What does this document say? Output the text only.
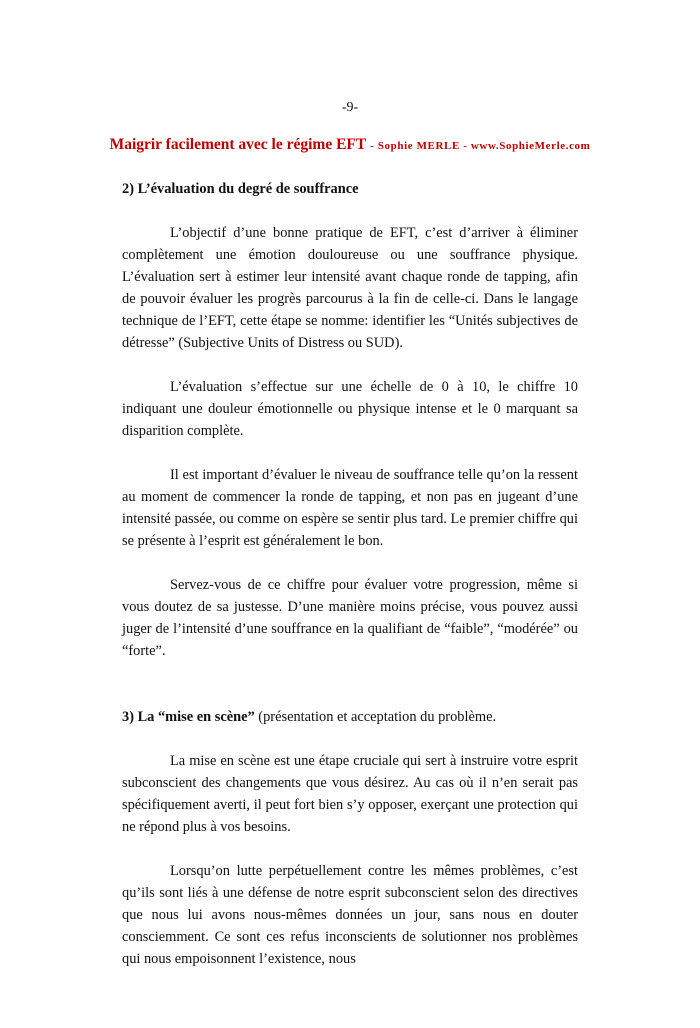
-9-
Maigrir facilement avec le régime EFT - Sophie MERLE - www.SophieMerle.com
2) L’évaluation du degré de souffrance

L’objectif d’une bonne pratique de EFT, c’est d’arriver à éliminer complètement une émotion douloureuse ou une souffrance physique. L’évaluation sert à estimer leur intensité avant chaque ronde de tapping, afin de pouvoir évaluer les progrès parcourus à la fin de celle-ci. Dans le langage technique de l’EFT, cette étape se nomme: identifier les “Unités subjectives de détresse” (Subjective Units of Distress ou SUD).

L’évaluation s’effectue sur une échelle de 0 à 10, le chiffre 10 indiquant une douleur émotionnelle ou physique intense et le 0 marquant sa disparition complète.

Il est important d’évaluer le niveau de souffrance telle qu’on la ressent au moment de commencer la ronde de tapping, et non pas en jugeant d’une intensité passée, ou comme on espère se sentir plus tard. Le premier chiffre qui se présente à l’esprit est généralement le bon.

Servez-vous de ce chiffre pour évaluer votre progression, même si vous doutez de sa justesse. D’une manière moins précise, vous pouvez aussi juger de l’intensité d’une souffrance en la qualifiant de “faible”, “modérée” ou “forte”.

3) La “mise en scène” (présentation et acceptation du problème.

La mise en scène est une étape cruciale qui sert à instruire votre esprit subconscient des changements que vous désirez. Au cas où il n’en serait pas spécifiquement averti, il peut fort bien s’y opposer, exerçant une protection qui ne répond plus à vos besoins.

Lorsqu’on lutte perpétuellement contre les mêmes problèmes, c’est qu’ils sont liés à une défense de notre esprit subconscient selon des directives que nous lui avons nous-mêmes données un jour, sans nous en douter consciemment. Ce sont ces refus inconscients de solutionner nos problèmes qui nous empoisonnent l’existence, nous
